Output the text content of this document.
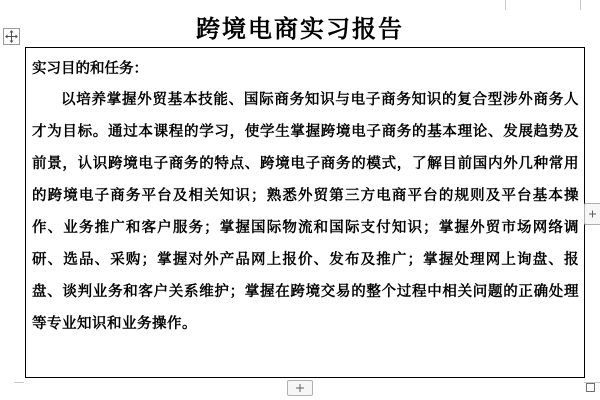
跨境电商实习报告
实习目的和任务：

以培养掌握外贸基本技能、国际商务知识与电子商务知识的复合型涉外商务人才为目标。通过本课程的学习，使学生掌握跨境电子商务的基本理论、发展趋势及前景，认识跨境电子商务的特点、跨境电子商务的模式，了解目前国内外几种常用的跨境电子商务平台及相关知识；熟悉外贸第三方电商平台的规则及平台基本操作、业务推广和客户服务；掌握国际物流和国际支付知识；掌握外贸市场网络调研、选品、采购；掌握对外产品网上报价、发布及推广；掌握处理网上询盘、报盘、谈判业务和客户关系维护；掌握在跨境交易的整个过程中相关问题的正确处理等专业知识和业务操作。
